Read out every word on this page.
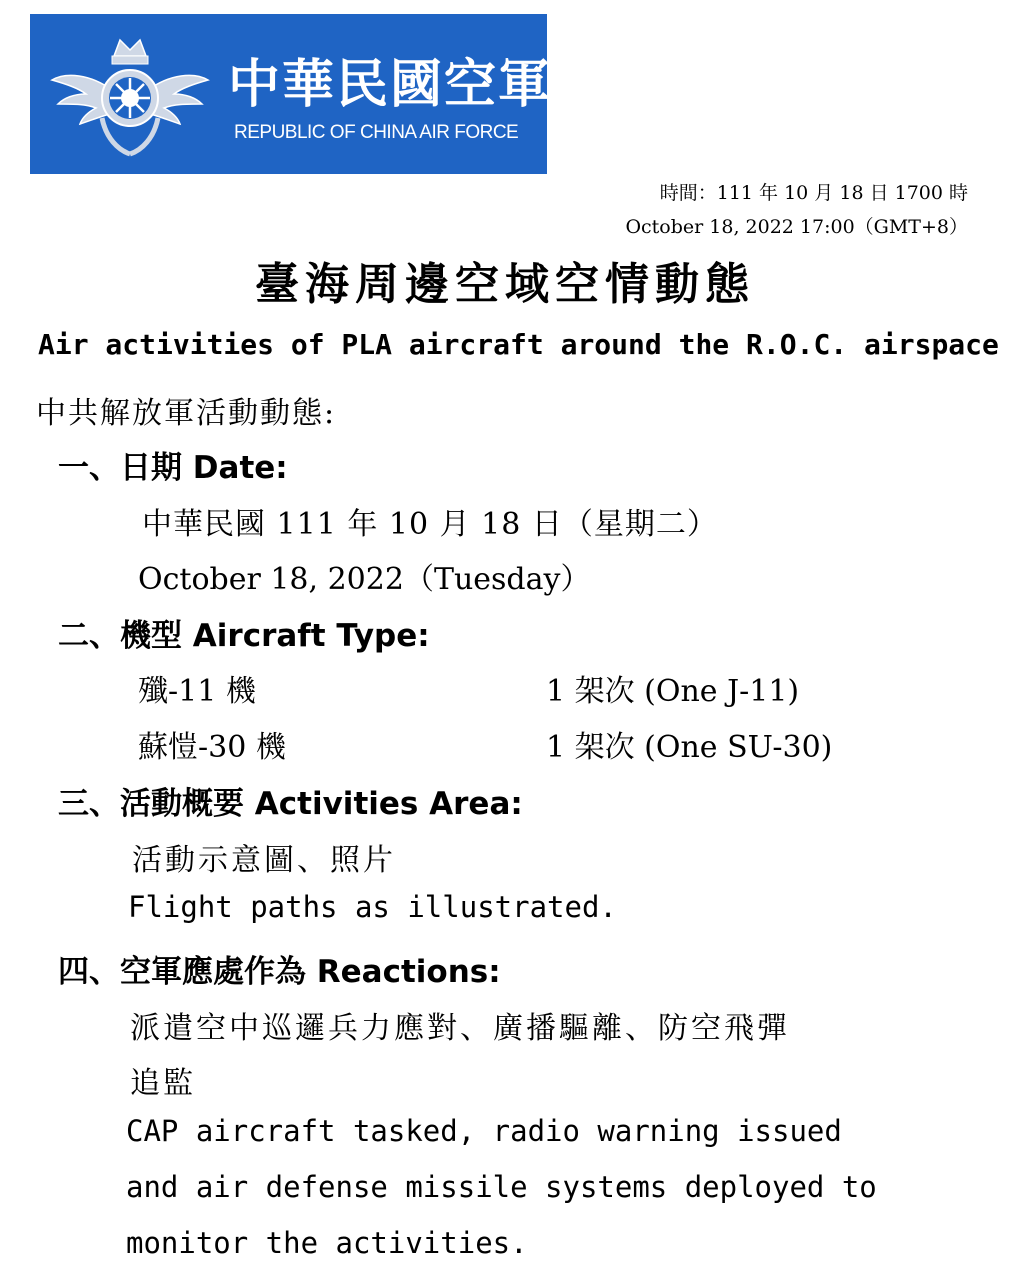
中華民國空軍
REPUBLIC OF CHINA AIR FORCE
時間：111 年 10 月 18 日 1700 時
October 18, 2022 17:00（GMT+8）
臺海周邊空域空情動態
Air activities of PLA aircraft around the R.O.C. airspace
中共解放軍活動動態:
一、日期 Date:
中華民國 111 年 10 月 18 日（星期二）
October 18, 2022（Tuesday）
二、機型 Aircraft Type:
殲-11 機	1 架次 (One J-11)
蘇愷-30 機	1 架次 (One SU-30)
三、活動概要 Activities Area:
活動示意圖、照片
Flight paths as illustrated.
四、空軍應處作為 Reactions:
派遣空中巡邏兵力應對、廣播驅離、防空飛彈
追監
CAP aircraft tasked, radio warning issued
and air defense missile systems deployed to
monitor the activities.
